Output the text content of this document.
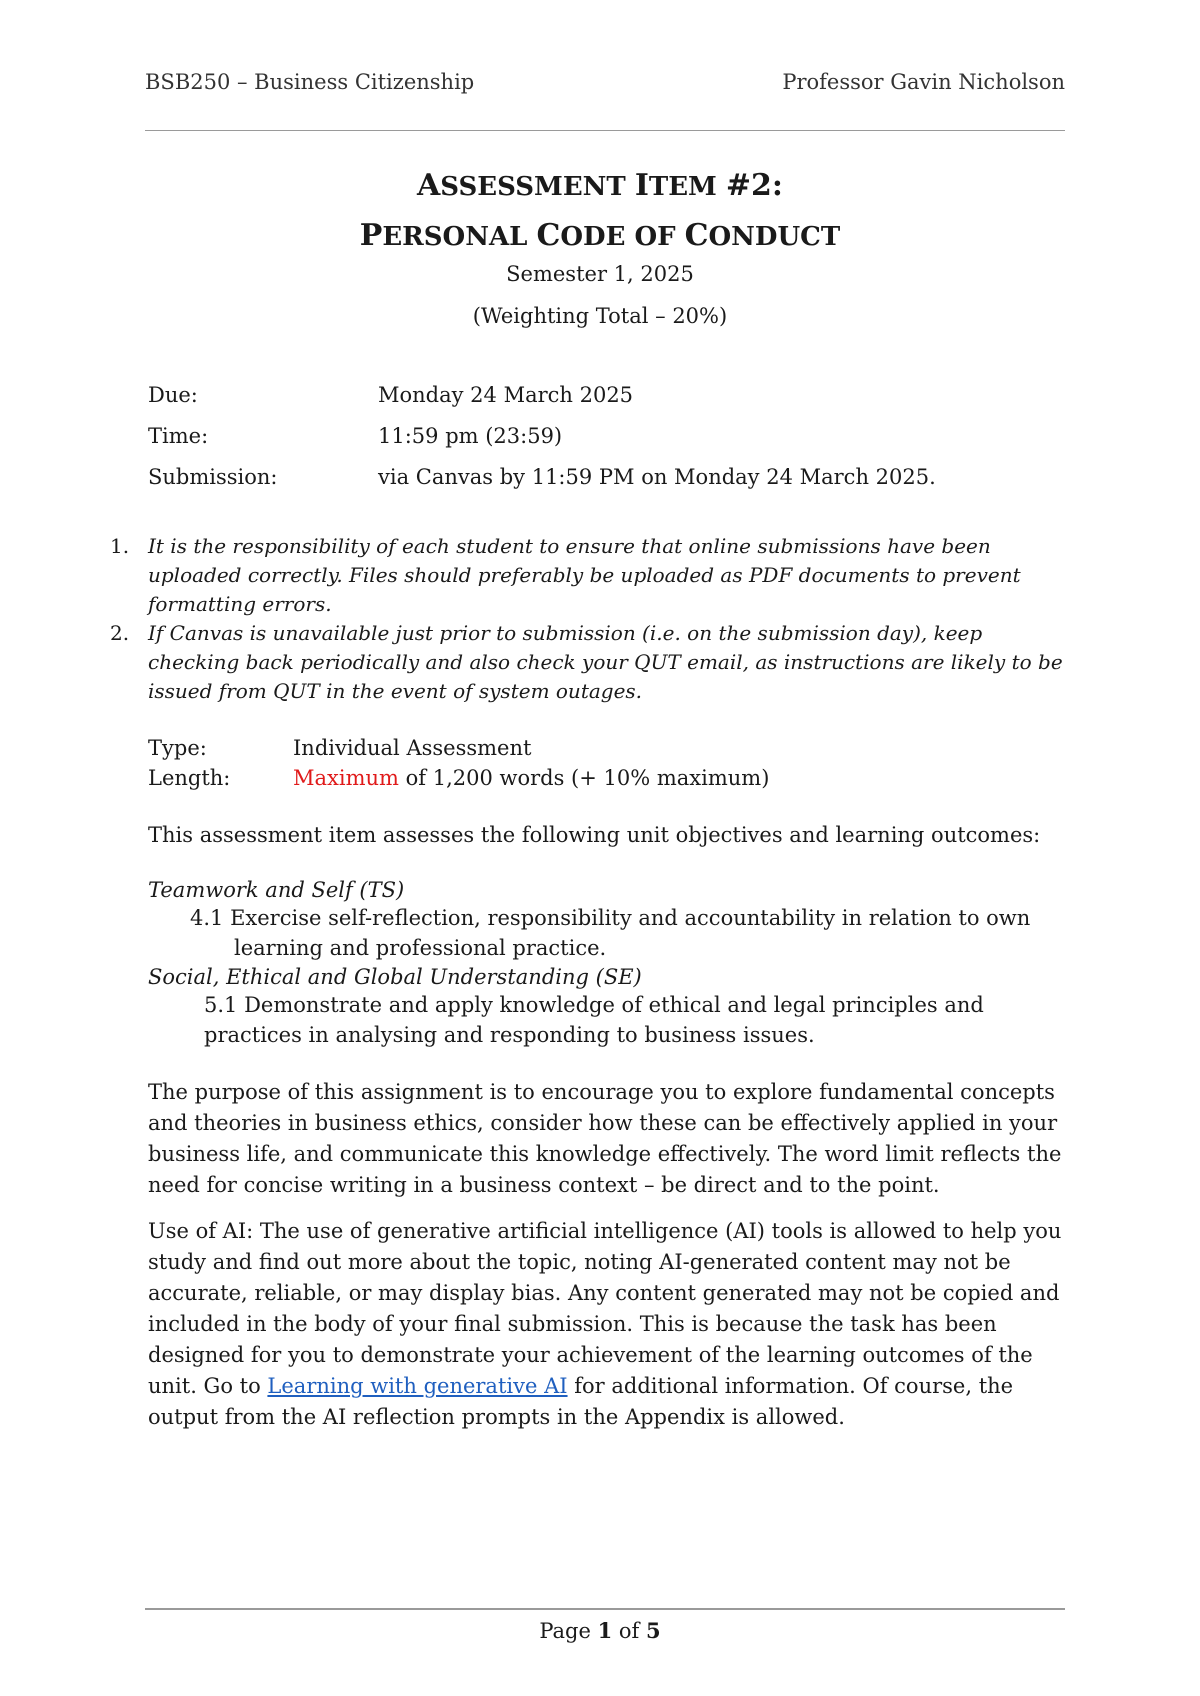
BSB250 – Business Citizenship	Professor Gavin Nicholson
ASSESSMENT ITEM #2:
PERSONAL CODE OF CONDUCT
Semester 1, 2025
(Weighting Total – 20%)
Due:	Monday 24 March 2025
Time:	11:59 pm (23:59)
Submission:	via Canvas by 11:59 PM on Monday 24 March 2025.
1. It is the responsibility of each student to ensure that online submissions have been uploaded correctly. Files should preferably be uploaded as PDF documents to prevent formatting errors.
2. If Canvas is unavailable just prior to submission (i.e. on the submission day), keep checking back periodically and also check your QUT email, as instructions are likely to be issued from QUT in the event of system outages.
Type:	Individual Assessment
Length:	Maximum of 1,200 words (+ 10% maximum)
This assessment item assesses the following unit objectives and learning outcomes:
Teamwork and Self (TS)
4.1 Exercise self-reflection, responsibility and accountability in relation to own learning and professional practice.
Social, Ethical and Global Understanding (SE)
5.1 Demonstrate and apply knowledge of ethical and legal principles and practices in analysing and responding to business issues.
The purpose of this assignment is to encourage you to explore fundamental concepts and theories in business ethics, consider how these can be effectively applied in your business life, and communicate this knowledge effectively. The word limit reflects the need for concise writing in a business context – be direct and to the point.
Use of AI: The use of generative artificial intelligence (AI) tools is allowed to help you study and find out more about the topic, noting AI-generated content may not be accurate, reliable, or may display bias. Any content generated may not be copied and included in the body of your final submission. This is because the task has been designed for you to demonstrate your achievement of the learning outcomes of the unit. Go to Learning with generative AI for additional information. Of course, the output from the AI reflection prompts in the Appendix is allowed.
Page 1 of 5
